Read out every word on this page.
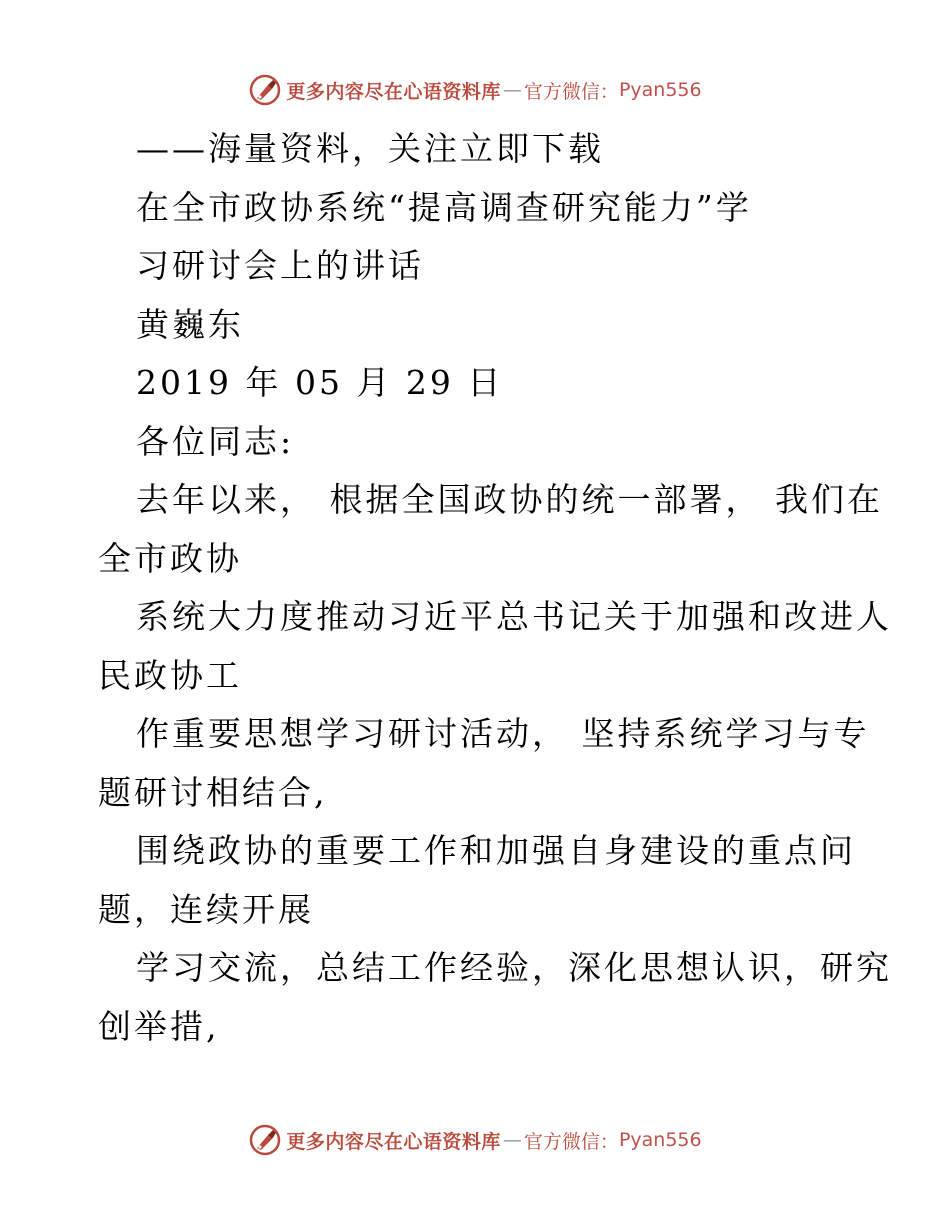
更多内容尽在心语资料库 — 官方微信： Pyan556
——海量资料，关注立即下载
在全市政协系统“提高调查研究能力”学
习研讨会上的讲话
黄巍东
2019 年 05 月 29 日
各位同志:
去年以来， 根据全国政协的统一部署， 我们在
全市政协
系统大力度推动习近平总书记关于加强和改进人
民政协工
作重要思想学习研讨活动， 坚持系统学习与专
题研讨相结合,
围绕政协的重要工作和加强自身建设的重点问
题，连续开展
学习交流，总结工作经验，深化思想认识，研究
创举措,
更多内容尽在心语资料库 — 官方微信： Pyan556
